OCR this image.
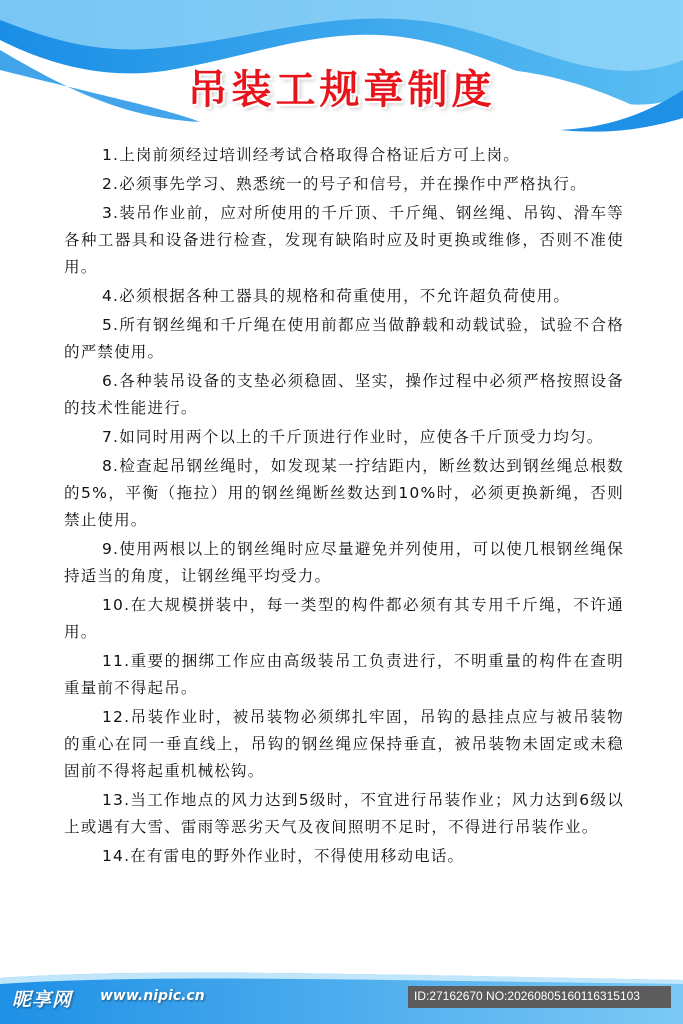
吊装工规章制度

1.上岗前须经过培训经考试合格取得合格证后方可上岗。

2.必须事先学习、熟悉统一的号子和信号，并在操作中严格执行。

3.装吊作业前，应对所使用的千斤顶、千斤绳、钢丝绳、吊钩、滑车等各种工器具和设备进行检查，发现有缺陷时应及时更换或维修，否则不准使用。

4.必须根据各种工器具的规格和荷重使用，不允许超负荷使用。

5.所有钢丝绳和千斤绳在使用前都应当做静载和动载试验，试验不合格的严禁使用。

6.各种装吊设备的支垫必须稳固、坚实，操作过程中必须严格按照设备的技术性能进行。

7.如同时用两个以上的千斤顶进行作业时，应使各千斤顶受力均匀。

8.检查起吊钢丝绳时，如发现某一拧结距内，断丝数达到钢丝绳总根数的5%，平衡（拖拉）用的钢丝绳断丝数达到10%时，必须更换新绳，否则禁止使用。

9.使用两根以上的钢丝绳时应尽量避免并列使用，可以使几根钢丝绳保持适当的角度，让钢丝绳平均受力。

10.在大规模拼装中，每一类型的构件都必须有其专用千斤绳，不许通用。

11.重要的捆绑工作应由高级装吊工负责进行，不明重量的构件在查明重量前不得起吊。

12.吊装作业时，被吊装物必须绑扎牢固，吊钩的悬挂点应与被吊装物的重心在同一垂直线上，吊钩的钢丝绳应保持垂直，被吊装物未固定或未稳固前不得将起重机械松钩。

13.当工作地点的风力达到5级时，不宜进行吊装作业；风力达到6级以上或遇有大雪、雷雨等恶劣天气及夜间照明不足时，不得进行吊装作业。

14.在有雷电的野外作业时，不得使用移动电话。

昵享网 www.nipic.cn	ID:27162670 NO:20260805160116315103
